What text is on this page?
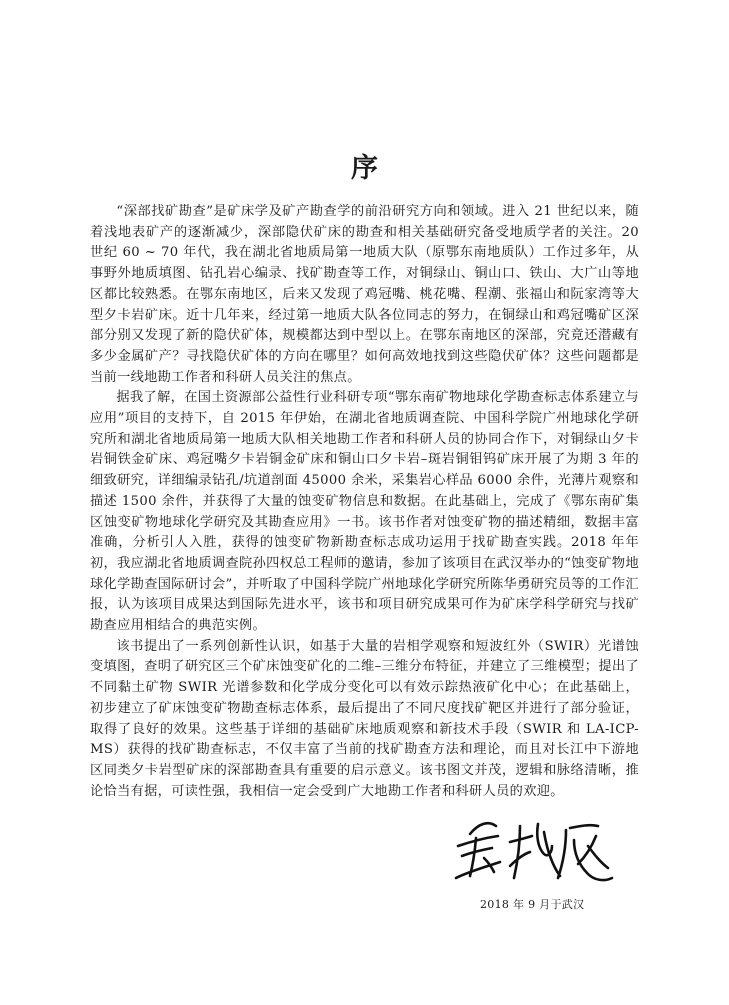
序

“深部找矿勘查”是矿床学及矿产勘查学的前沿研究方向和领域。进入 21 世纪以来，随着浅地表矿产的逐渐减少，深部隐伏矿床的勘查和相关基础研究备受地质学者的关注。20 世纪 60 ~ 70 年代，我在湖北省地质局第一地质大队（原鄂东南地质队）工作过多年，从事野外地质填图、钻孔岩心编录、找矿勘查等工作，对铜绿山、铜山口、铁山、大广山等地区都比较熟悉。在鄂东南地区，后来又发现了鸡冠嘴、桃花嘴、程潮、张福山和阮家湾等大型夕卡岩矿床。近十几年来，经过第一地质大队各位同志的努力，在铜绿山和鸡冠嘴矿区深部分别又发现了新的隐伏矿体，规模都达到中型以上。在鄂东南地区的深部，究竟还潜藏有多少金属矿产？寻找隐伏矿体的方向在哪里？如何高效地找到这些隐伏矿体？这些问题都是当前一线地勘工作者和科研人员关注的焦点。

据我了解，在国土资源部公益性行业科研专项“鄂东南矿物地球化学勘查标志体系建立与应用”项目的支持下，自 2015 年伊始，在湖北省地质调查院、中国科学院广州地球化学研究所和湖北省地质局第一地质大队相关地勘工作者和科研人员的协同合作下，对铜绿山夕卡岩铜铁金矿床、鸡冠嘴夕卡岩铜金矿床和铜山口夕卡岩–斑岩铜钼钨矿床开展了为期 3 年的细致研究，详细编录钻孔/坑道剖面 45000 余米，采集岩心样品 6000 余件，光薄片观察和描述 1500 余件，并获得了大量的蚀变矿物信息和数据。在此基础上，完成了《鄂东南矿集区蚀变矿物地球化学研究及其勘查应用》一书。该书作者对蚀变矿物的描述精细，数据丰富准确，分析引人入胜，获得的蚀变矿物新勘查标志成功运用于找矿勘查实践。2018 年年初，我应湖北省地质调查院孙四权总工程师的邀请，参加了该项目在武汉举办的“蚀变矿物地球化学勘查国际研讨会”，并听取了中国科学院广州地球化学研究所陈华勇研究员等的工作汇报，认为该项目成果达到国际先进水平，该书和项目研究成果可作为矿床学科学研究与找矿勘查应用相结合的典范实例。

该书提出了一系列创新性认识，如基于大量的岩相学观察和短波红外（SWIR）光谱蚀变填图，查明了研究区三个矿床蚀变矿化的二维–三维分布特征，并建立了三维模型；提出了不同黏土矿物 SWIR 光谱参数和化学成分变化可以有效示踪热液矿化中心；在此基础上，初步建立了矿床蚀变矿物勘查标志体系，最后提出了不同尺度找矿靶区并进行了部分验证，取得了良好的效果。这些基于详细的基础矿床地质观察和新技术手段（SWIR 和 LA-ICP-MS）获得的找矿勘查标志，不仅丰富了当前的找矿勘查方法和理论，而且对长江中下游地区同类夕卡岩型矿床的深部勘查具有重要的启示意义。该书图文并茂，逻辑和脉络清晰，推论恰当有据，可读性强，我相信一定会受到广大地勘工作者和科研人员的欢迎。

2018 年 9 月于武汉
